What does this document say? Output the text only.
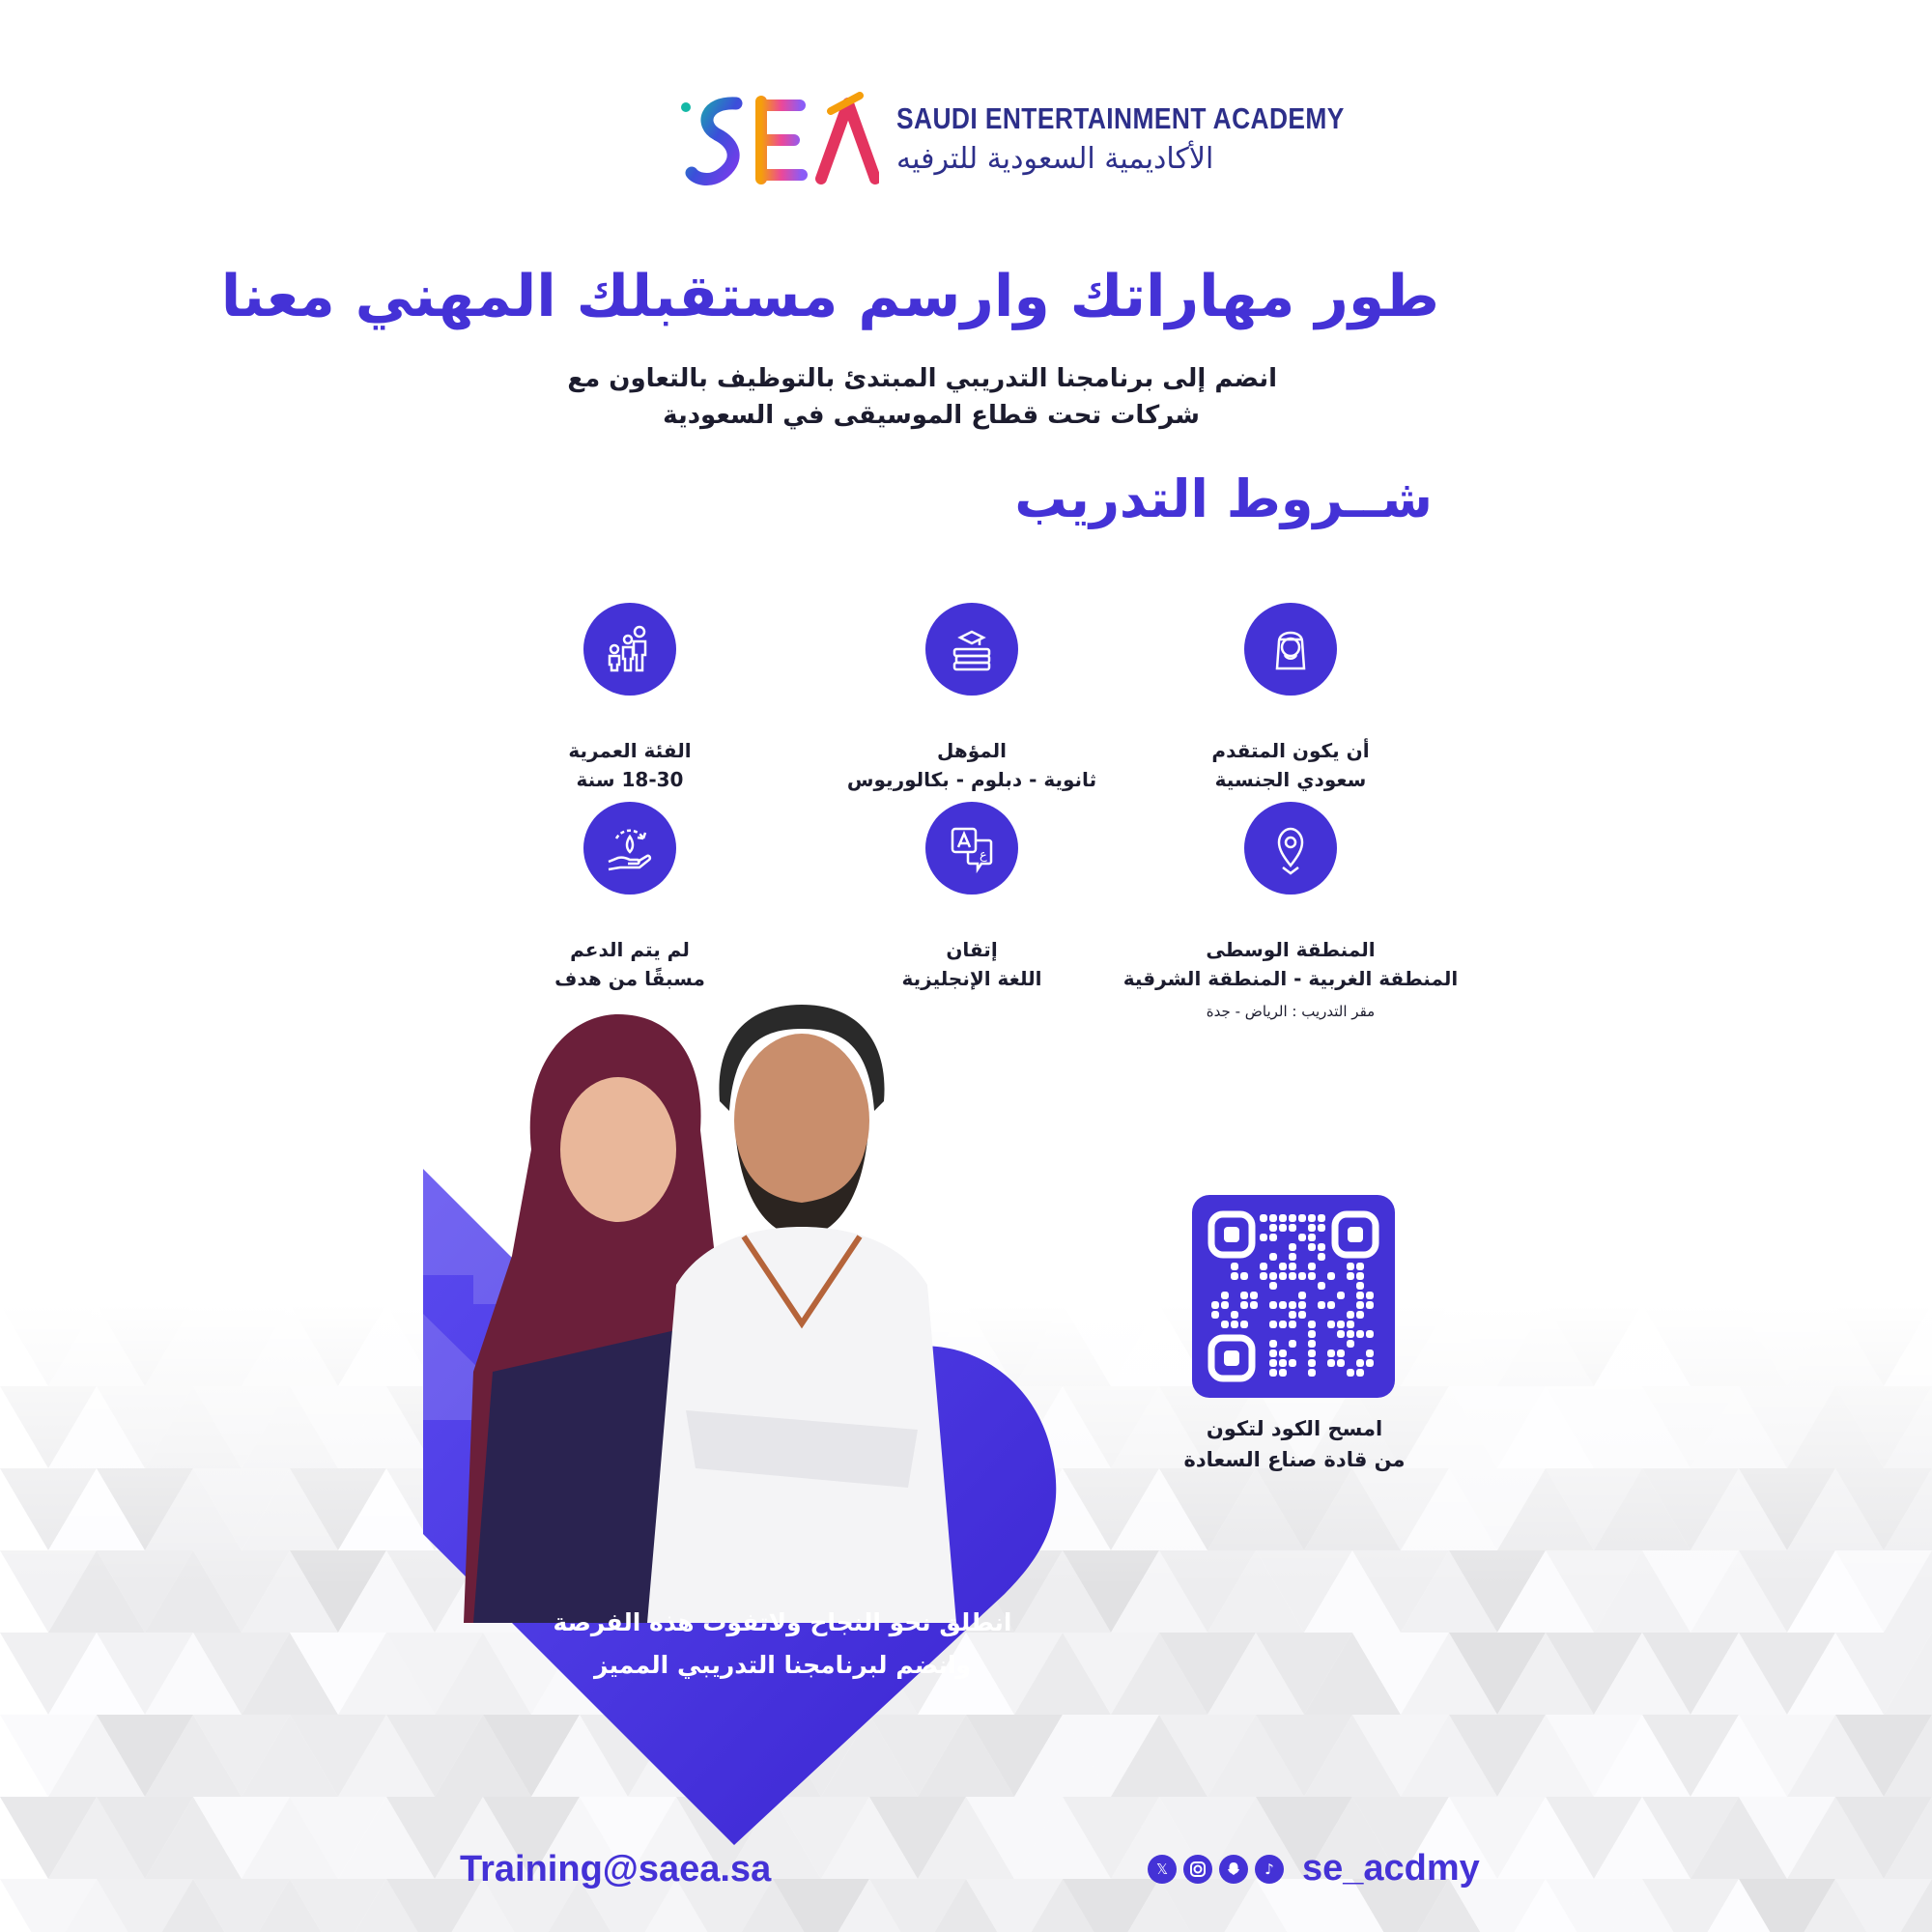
SAUDI ENTERTAINMENT ACADEMY
الأكاديمية السعودية للترفيه
طور مهاراتك وارسم مستقبلك المهني معنا
انضم إلى برنامجنا التدريبي المبتدئ بالتوظيف بالتعاون مع
شركات تحت قطاع الموسيقى في السعودية
شــروط التدريب
أن يكون المتقدم
سعودي الجنسية
المؤهل
ثانوية - دبلوم - بكالوريوس
الفئة العمرية
18-30 سنة
المنطقة الوسطى
المنطقة الغربية - المنطقة الشرقية
مقر التدريب : الرياض - جدة
ع
إتقان
اللغة الإنجليزية
لم يتم الدعم
مسبقًا من هدف
انطلق نحو النجاح ولاتفوت هذه الفرصة
وانضم لبرنامجنا التدريبي المميز
امسح الكود لتكون
من قادة صناع السعادة
Training@saea.sa	𝕏	♪ se_acdmy
